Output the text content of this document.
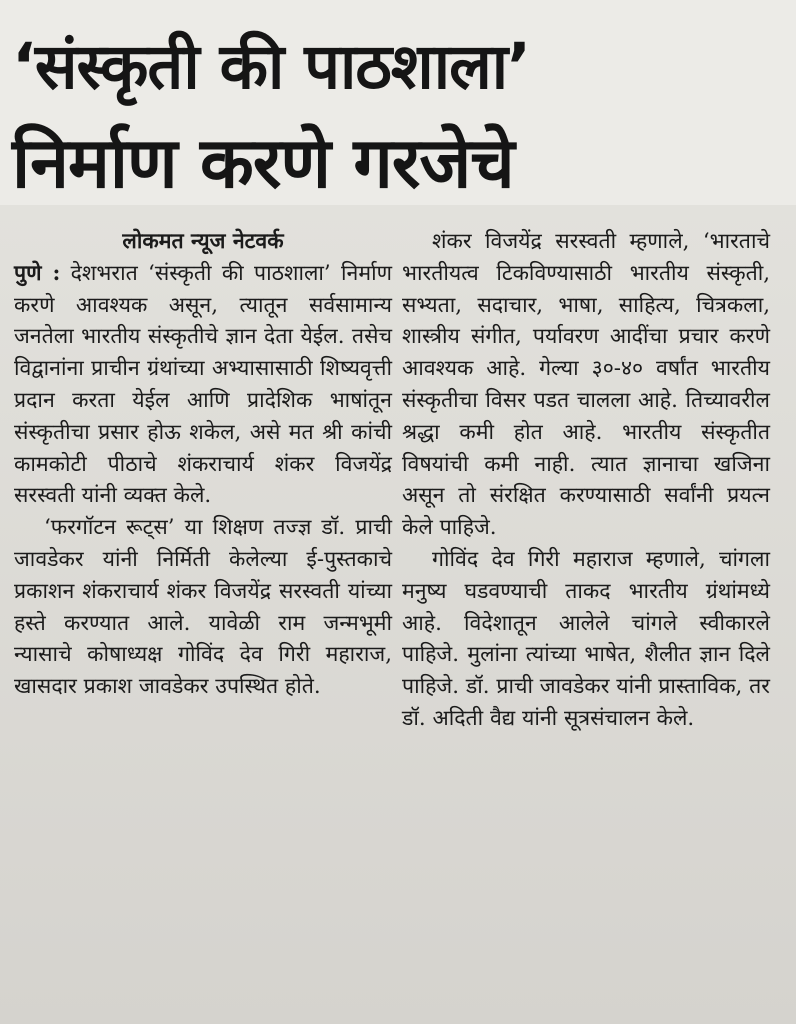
‘संस्कृती की पाठशाला’
निर्माण करणे गरजेचे

लोकमत न्यूज नेटवर्क

पुणे : देशभरात ‘संस्कृती की पाठशाला’ निर्माण करणे आवश्यक असून, त्यातून सर्वसामान्य जनतेला भारतीय संस्कृतीचे ज्ञान देता येईल. तसेच विद्वानांना प्राचीन ग्रंथांच्या अभ्यासासाठी शिष्यवृत्ती प्रदान करता येईल आणि प्रादेशिक भाषांतून संस्कृतीचा प्रसार होऊ शकेल, असे मत श्री कांची कामकोटी पीठाचे शंकराचार्य शंकर विजयेंद्र सरस्वती यांनी व्यक्त केले.

‘फरगॉटन रूट्स’ या शिक्षण तज्ज्ञ डॉ. प्राची जावडेकर यांनी निर्मिती केलेल्या ई-पुस्तकाचे प्रकाशन शंकराचार्य शंकर विजयेंद्र सरस्वती यांच्या हस्ते करण्यात आले. यावेळी राम जन्मभूमी न्यासाचे कोषाध्यक्ष गोविंद देव गिरी महाराज, खासदार प्रकाश जावडेकर उपस्थित होते.

शंकर विजयेंद्र सरस्वती म्हणाले, ‘भारताचे भारतीयत्व टिकविण्यासाठी भारतीय संस्कृती, सभ्यता, सदाचार, भाषा, साहित्य, चित्रकला, शास्त्रीय संगीत, पर्यावरण आदींचा प्रचार करणे आवश्यक आहे. गेल्या ३०-४० वर्षांत भारतीय संस्कृतीचा विसर पडत चालला आहे. तिच्यावरील श्रद्धा कमी होत आहे. भारतीय संस्कृतीत विषयांची कमी नाही. त्यात ज्ञानाचा खजिना असून तो संरक्षित करण्यासाठी सर्वांनी प्रयत्न केले पाहिजे.

गोविंद देव गिरी महाराज म्हणाले, चांगला मनुष्य घडवण्याची ताकद भारतीय ग्रंथांमध्ये आहे. विदेशातून आलेले चांगले स्वीकारले पाहिजे. मुलांना त्यांच्या भाषेत, शैलीत ज्ञान दिले पाहिजे. डॉ. प्राची जावडेकर यांनी प्रास्ताविक, तर डॉ. अदिती वैद्य यांनी सूत्रसंचालन केले.
